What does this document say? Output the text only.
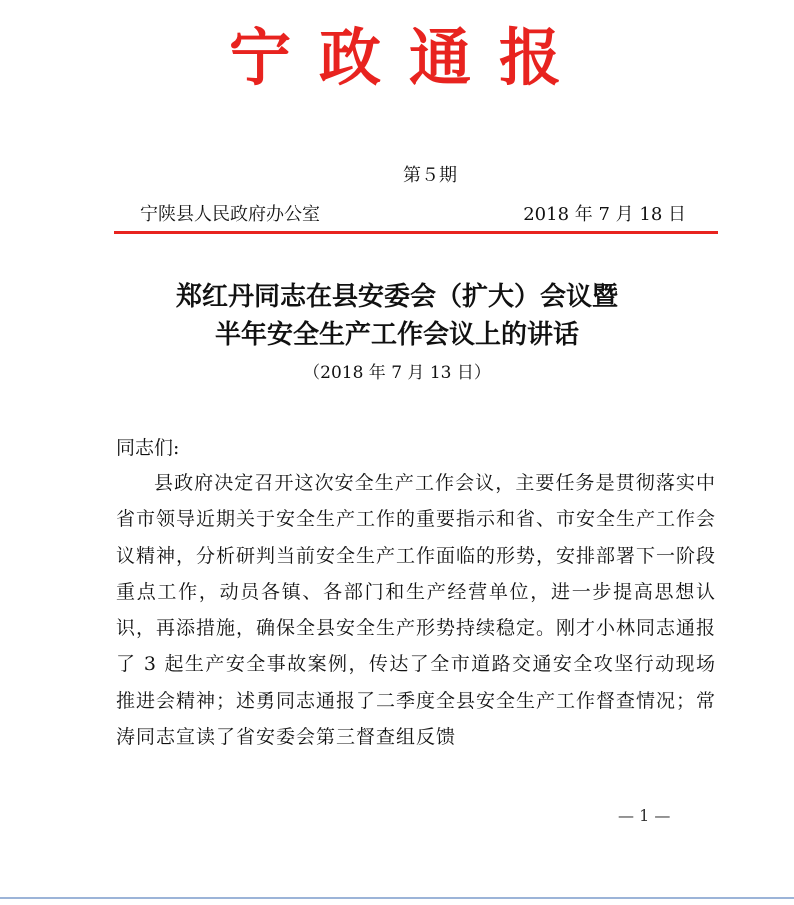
宁政通报
第５期
宁陕县人民政府办公室	2018 年 7 月 18 日
郑红丹同志在县安委会（扩大）会议暨
半年安全生产工作会议上的讲话
（2018 年 7 月 13 日）
同志们:

县政府决定召开这次安全生产工作会议，主要任务是贯彻落实中省市领导近期关于安全生产工作的重要指示和省、市安全生产工作会议精神，分析研判当前安全生产工作面临的形势，安排部署下一阶段重点工作，动员各镇、各部门和生产经营单位，进一步提高思想认识，再添措施，确保全县安全生产形势持续稳定。刚才小林同志通报了 3 起生产安全事故案例，传达了全市道路交通安全攻坚行动现场推进会精神；述勇同志通报了二季度全县安全生产工作督查情况；常涛同志宣读了省安委会第三督查组反馈

— 1 —
